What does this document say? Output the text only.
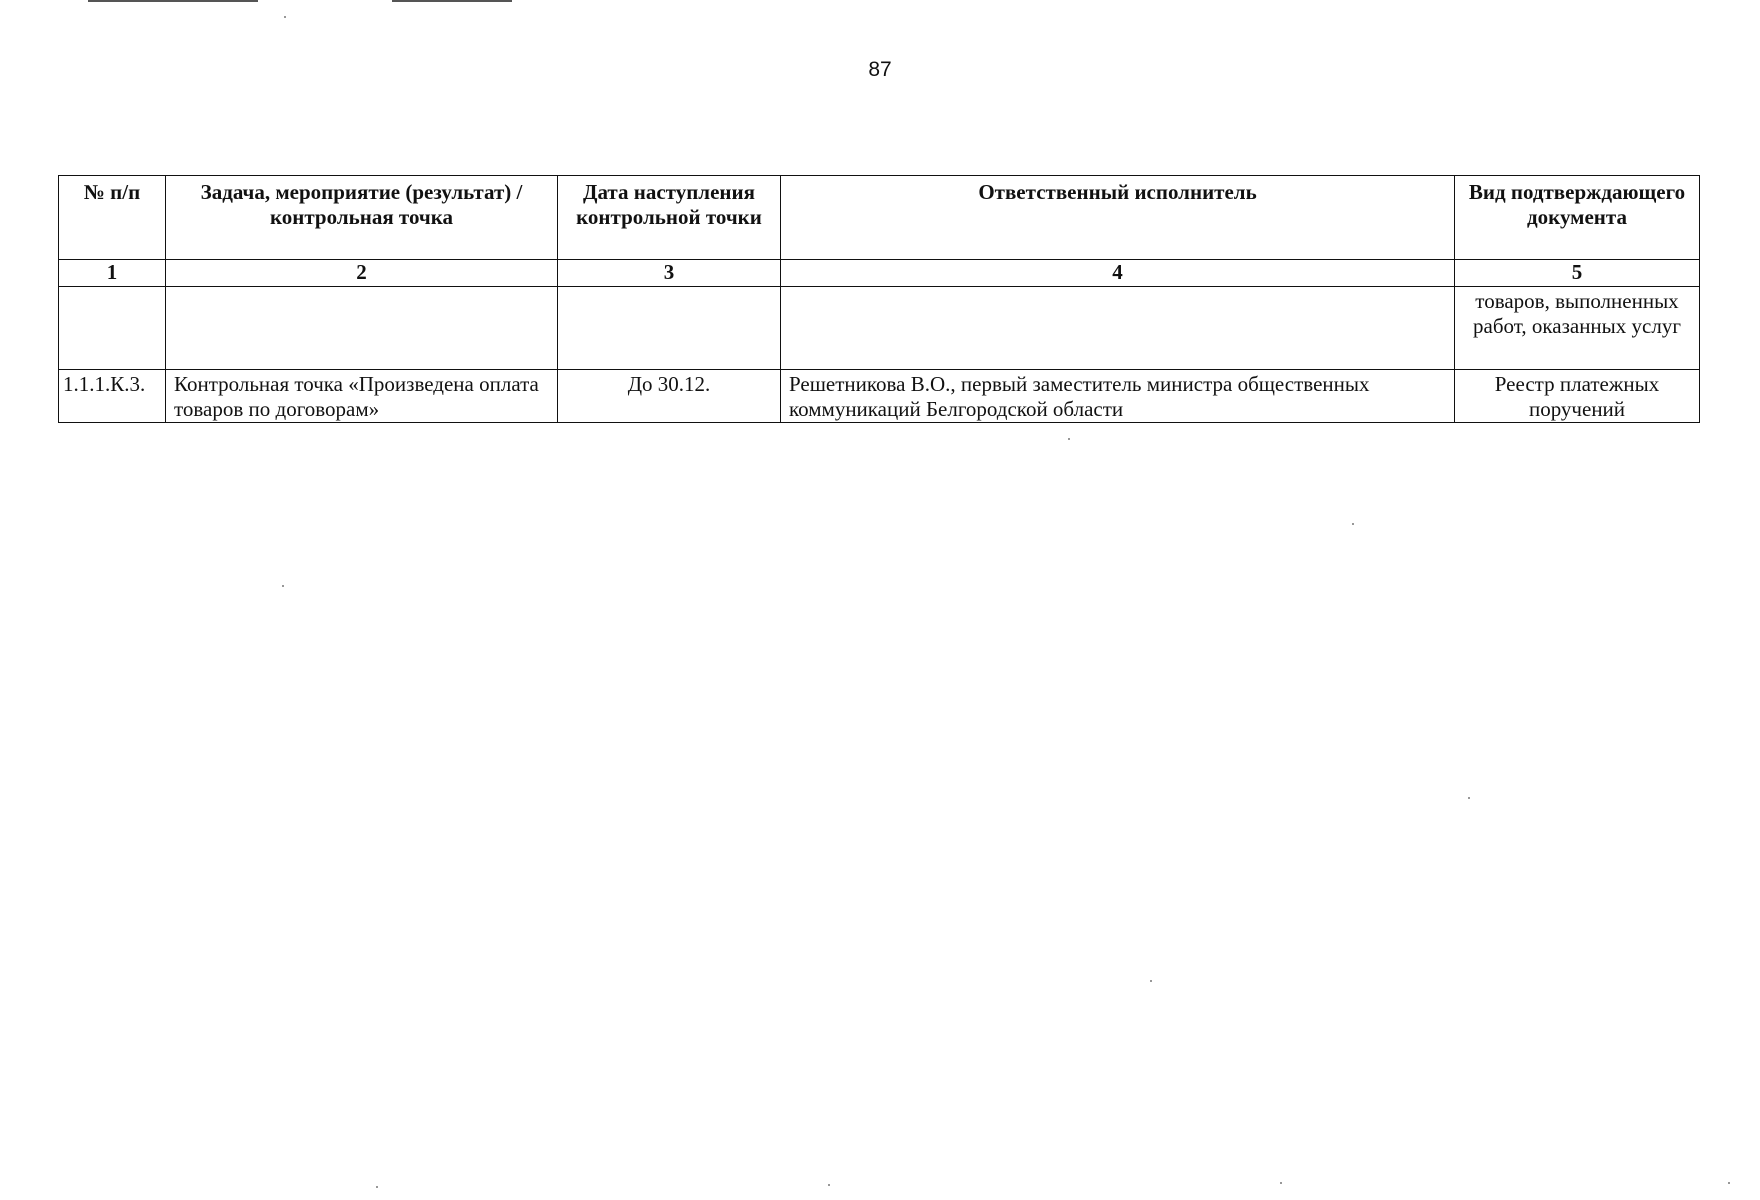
87
№ п/п	Задача, мероприятие (результат) / контрольная точка	Дата наступления контрольной точки	Ответственный исполнитель	Вид подтверждающего документа
1	2	3	4	5
				товаров, выполненных работ, оказанных услуг
1.1.1.К.3.	Контрольная точка «Произведена оплата товаров по договорам»	До 30.12.	Решетникова В.О., первый заместитель министра общественных коммуникаций Белгородской области	Реестр платежных поручений
